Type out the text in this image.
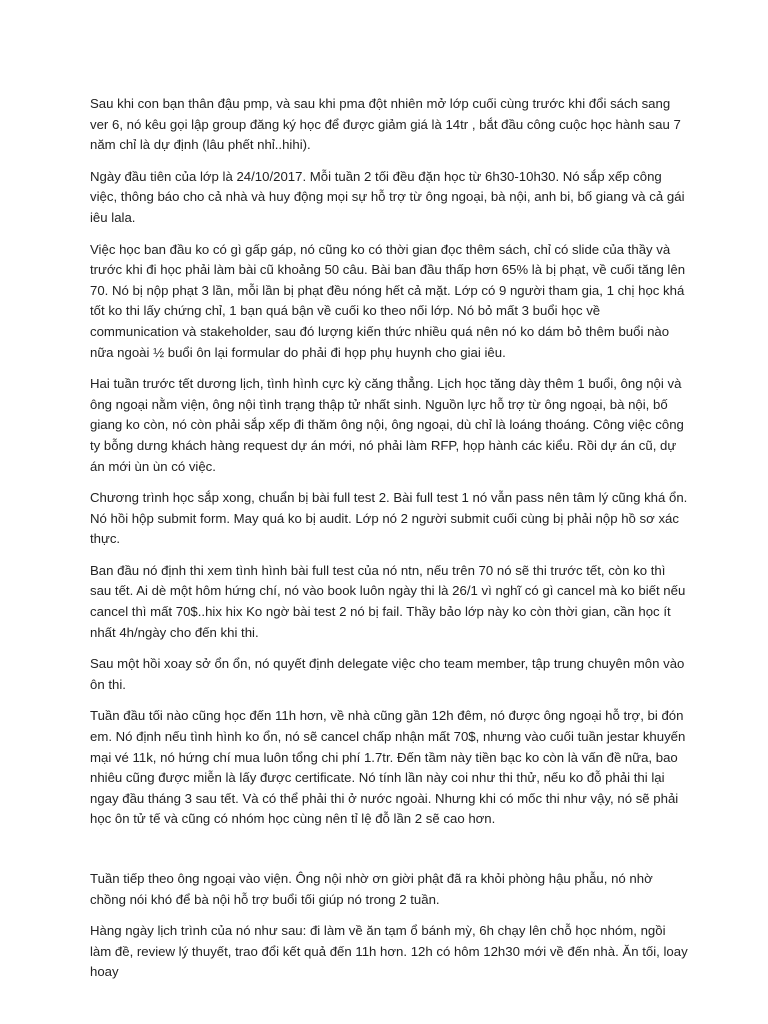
Sau khi con bạn thân đậu pmp, và sau khi pma đột nhiên mở lớp cuối cùng trước khi đổi sách sang ver 6, nó kêu gọi lập group đăng ký học để được giảm giá là 14tr , bắt đầu công cuộc học hành sau 7 năm chỉ là dự định (lâu phết nhỉ..hihi).

Ngày đầu tiên của lớp là 24/10/2017. Mỗi tuần 2 tối đều đặn học từ 6h30-10h30. Nó sắp xếp công việc, thông báo cho cả nhà và huy động mọi sự hỗ trợ từ ông ngoại, bà nội, anh bi, bố giang và cả gái iêu lala.

Việc học ban đầu ko có gì gấp gáp, nó cũng ko có thời gian đọc thêm sách, chỉ có slide của thầy và trước khi đi học phải làm bài cũ khoảng 50 câu. Bài ban đầu thấp hơn 65% là bị phạt, về cuối tăng lên 70. Nó bị nộp phạt 3 lần, mỗi lần bị phạt đều nóng hết cả mặt. Lớp có 9 người tham gia, 1 chị học khá tốt ko thi lấy chứng chỉ, 1 bạn quá bận về cuối ko theo nối lớp. Nó bỏ mất 3 buổi học về communication và stakeholder, sau đó lượng kiến thức nhiều quá nên nó ko dám bỏ thêm buổi nào nữa ngoài ½ buổi ôn lại formular do phải đi họp phụ huynh cho giai iêu.

Hai tuần trước tết dương lịch, tình hình cực kỳ căng thẳng. Lịch học tăng dày thêm 1 buổi, ông nội và ông ngoại nằm viện, ông nội tình trạng thập tử nhất sinh. Nguồn lực hỗ trợ từ ông ngoại, bà nội, bố giang ko còn, nó còn phải sắp xếp đi thăm ông nội, ông ngoại, dù chỉ là loáng thoáng. Công việc công ty bỗng dưng khách hàng request dự án mới, nó phải làm RFP, họp hành các kiểu. Rồi dự án cũ, dự án mới ùn ùn có việc.

Chương trình học sắp xong, chuẩn bị bài full test 2. Bài full test 1 nó vẫn pass nên tâm lý cũng khá ổn. Nó hồi hộp submit form. May quá ko bị audit. Lớp nó 2 người submit cuối cùng bị phải nộp hồ sơ xác thực.

Ban đầu nó định thi xem tình hình bài full test của nó ntn, nếu trên 70 nó sẽ thi trước tết, còn ko thì sau tết. Ai dè một hôm hứng chí, nó vào book luôn ngày thi là 26/1 vì nghĩ có gì cancel mà ko biết nếu cancel thì mất 70$..hix hix Ko ngờ bài test 2 nó bị fail. Thầy bảo lớp này ko còn thời gian, cần học ít nhất 4h/ngày cho đến khi thi.

Sau một hồi xoay sở ổn ổn, nó quyết định delegate việc cho team member, tập trung chuyên môn vào ôn thi.

Tuần đầu tối nào cũng học đến 11h hơn, về nhà cũng gần 12h đêm, nó được ông ngoại hỗ trợ, bi đón em. Nó định nếu tình hình ko ổn, nó sẽ cancel chấp nhận mất 70$, nhưng vào cuối tuần jestar khuyến mại vé 11k, nó hứng chí mua luôn tổng chi phí 1.7tr. Đến tầm này tiền bạc ko còn là vấn đề nữa, bao nhiêu cũng được miễn là lấy được certificate. Nó tính lần này coi như thi thử, nếu ko đỗ phải thi lại ngay đầu tháng 3 sau tết. Và có thể phải thi ở nước ngoài. Nhưng khi có mốc thi như vậy, nó sẽ phải học ôn tử tế và cũng có nhóm học cùng nên tỉ lệ đỗ lần 2 sẽ cao hơn.

Tuần tiếp theo ông ngoại vào viện. Ông nội nhờ ơn giời phật đã ra khỏi phòng hậu phẫu, nó nhờ chồng nói khó để bà nội hỗ trợ buổi tối giúp nó trong 2 tuần.

Hàng ngày lịch trình của nó như sau: đi làm về ăn tạm ổ bánh mỳ, 6h chạy lên chỗ học nhóm, ngồi làm đề, review lý thuyết, trao đổi kết quả đến 11h hơn. 12h có hôm 12h30 mới về đến nhà. Ăn tối, loay hoay
